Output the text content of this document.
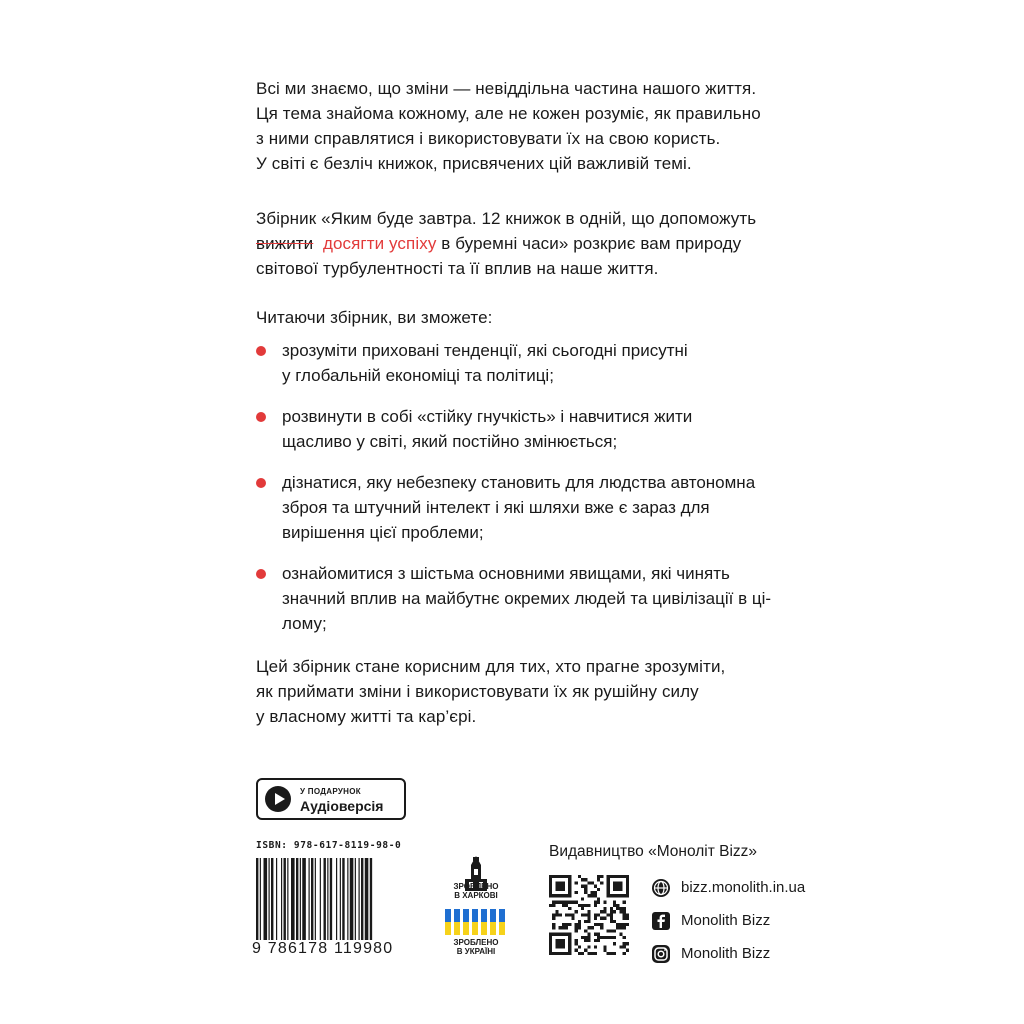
Всі ми знаємо, що зміни — невіддільна частина нашого життя.
Ця тема знайома кожному, але не кожен розуміє, як правильно
з ними справлятися і використовувати їх на свою користь.
У світі є безліч книжок, присвячених цій важливій темі.
Збірник «Яким буде завтра. 12 книжок в одній, що допоможуть
вижити досягти успіху в буремні часи» розкриє вам природу
світової турбулентності та її вплив на наше життя.
Читаючи збірник, ви зможете:
зрозуміти приховані тенденції, які сьогодні присутні
у глобальній економіці та політиці;
розвинути в собі «стійку гнучкість» і навчитися жити
щасливо у світі, який постійно змінюється;
дізнатися, яку небезпеку становить для людства автономна
зброя та штучний інтелект і які шляхи вже є зараз для
вирішення цієї проблеми;
ознайомитися з шістьма основними явищами, які чинять
значний вплив на майбутнє окремих людей та цивілізації в ці-
лому;
Цей збірник стане корисним для тих, хто прагне зрозуміти,
як приймати зміни і використовувати їх як рушійну силу
у власному житті та кар’єрі.
У ПОДАРУНОК
Аудіоверсія
ISBN: 978-617-8119-98-0
9 786178 119980
ЗРОБЛЕНО
В ХАРКОВІ
ЗРОБЛЕНО
В УКРАЇНІ
Видавництво «Моноліт Bizz»
bizz.monolith.in.ua
Monolith Bizz
Monolith Bizz
